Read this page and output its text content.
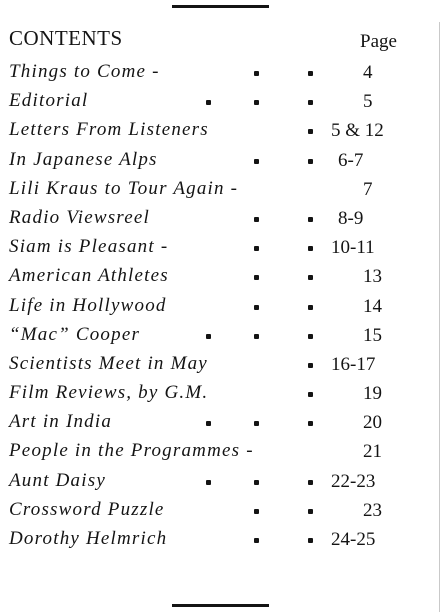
CONTENTS	Page
Things to Come -	4
Editorial	5
Letters From Listeners	5 & 12
In Japanese Alps	6-7
Lili Kraus to Tour Again -	7
Radio Viewsreel	8-9
Siam is Pleasant -	10-11
American Athletes	13
Life in Hollywood	14
“Mac” Cooper	15
Scientists Meet in May	16-17
Film Reviews, by G.M.	19
Art in India	20
People in the Programmes -	21
Aunt Daisy	22-23
Crossword Puzzle	23
Dorothy Helmrich	24-25
